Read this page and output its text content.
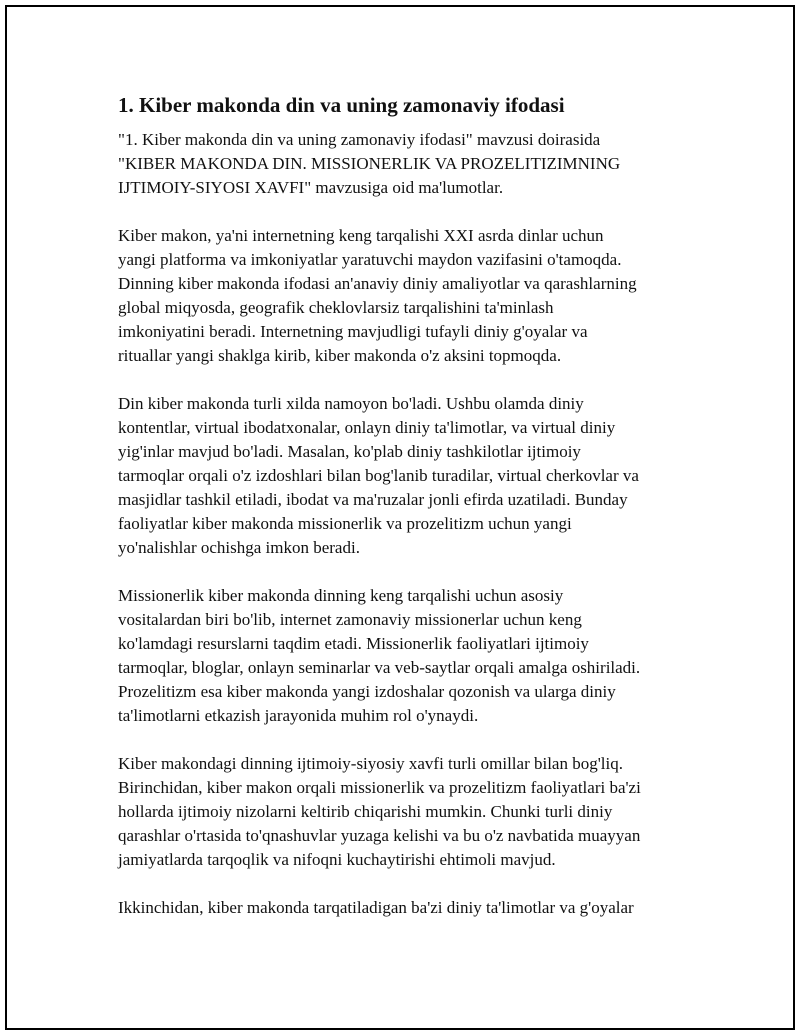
1. Kiber makonda din va uning zamonaviy ifodasi
"1. Kiber makonda din va uning zamonaviy ifodasi" mavzusi doirasida
"KIBER MAKONDA DIN. MISSIONERLIK VA PROZELITIZIMNING
IJTIMOIY-SIYOSI XAVFI" mavzusiga oid ma'lumotlar.
Kiber makon, ya'ni internetning keng tarqalishi XXI asrda dinlar uchun
yangi platforma va imkoniyatlar yaratuvchi maydon vazifasini o'tamoqda.
Dinning kiber makonda ifodasi an'anaviy diniy amaliyotlar va qarashlarning
global miqyosda, geografik cheklovlarsiz tarqalishini ta'minlash
imkoniyatini beradi. Internetning mavjudligi tufayli diniy g'oyalar va
rituallar yangi shaklga kirib, kiber makonda o'z aksini topmoqda.
Din kiber makonda turli xilda namoyon bo'ladi. Ushbu olamda diniy
kontentlar, virtual ibodatxonalar, onlayn diniy ta'limotlar, va virtual diniy
yig'inlar mavjud bo'ladi. Masalan, ko'plab diniy tashkilotlar ijtimoiy
tarmoqlar orqali o'z izdoshlari bilan bog'lanib turadilar, virtual cherkovlar va
masjidlar tashkil etiladi, ibodat va ma'ruzalar jonli efirda uzatiladi. Bunday
faoliyatlar kiber makonda missionerlik va prozelitizm uchun yangi
yo'nalishlar ochishga imkon beradi.
Missionerlik kiber makonda dinning keng tarqalishi uchun asosiy
vositalardan biri bo'lib, internet zamonaviy missionerlar uchun keng
ko'lamdagi resurslarni taqdim etadi. Missionerlik faoliyatlari ijtimoiy
tarmoqlar, bloglar, onlayn seminarlar va veb-saytlar orqali amalga oshiriladi.
Prozelitizm esa kiber makonda yangi izdoshalar qozonish va ularga diniy
ta'limotlarni etkazish jarayonida muhim rol o'ynaydi.
Kiber makondagi dinning ijtimoiy-siyosiy xavfi turli omillar bilan bog'liq.
Birinchidan, kiber makon orqali missionerlik va prozelitizm faoliyatlari ba'zi
hollarda ijtimoiy nizolarni keltirib chiqarishi mumkin. Chunki turli diniy
qarashlar o'rtasida to'qnashuvlar yuzaga kelishi va bu o'z navbatida muayyan
jamiyatlarda tarqoqlik va nifoqni kuchaytirishi ehtimoli mavjud.
Ikkinchidan, kiber makonda tarqatiladigan ba'zi diniy ta'limotlar va g'oyalar
